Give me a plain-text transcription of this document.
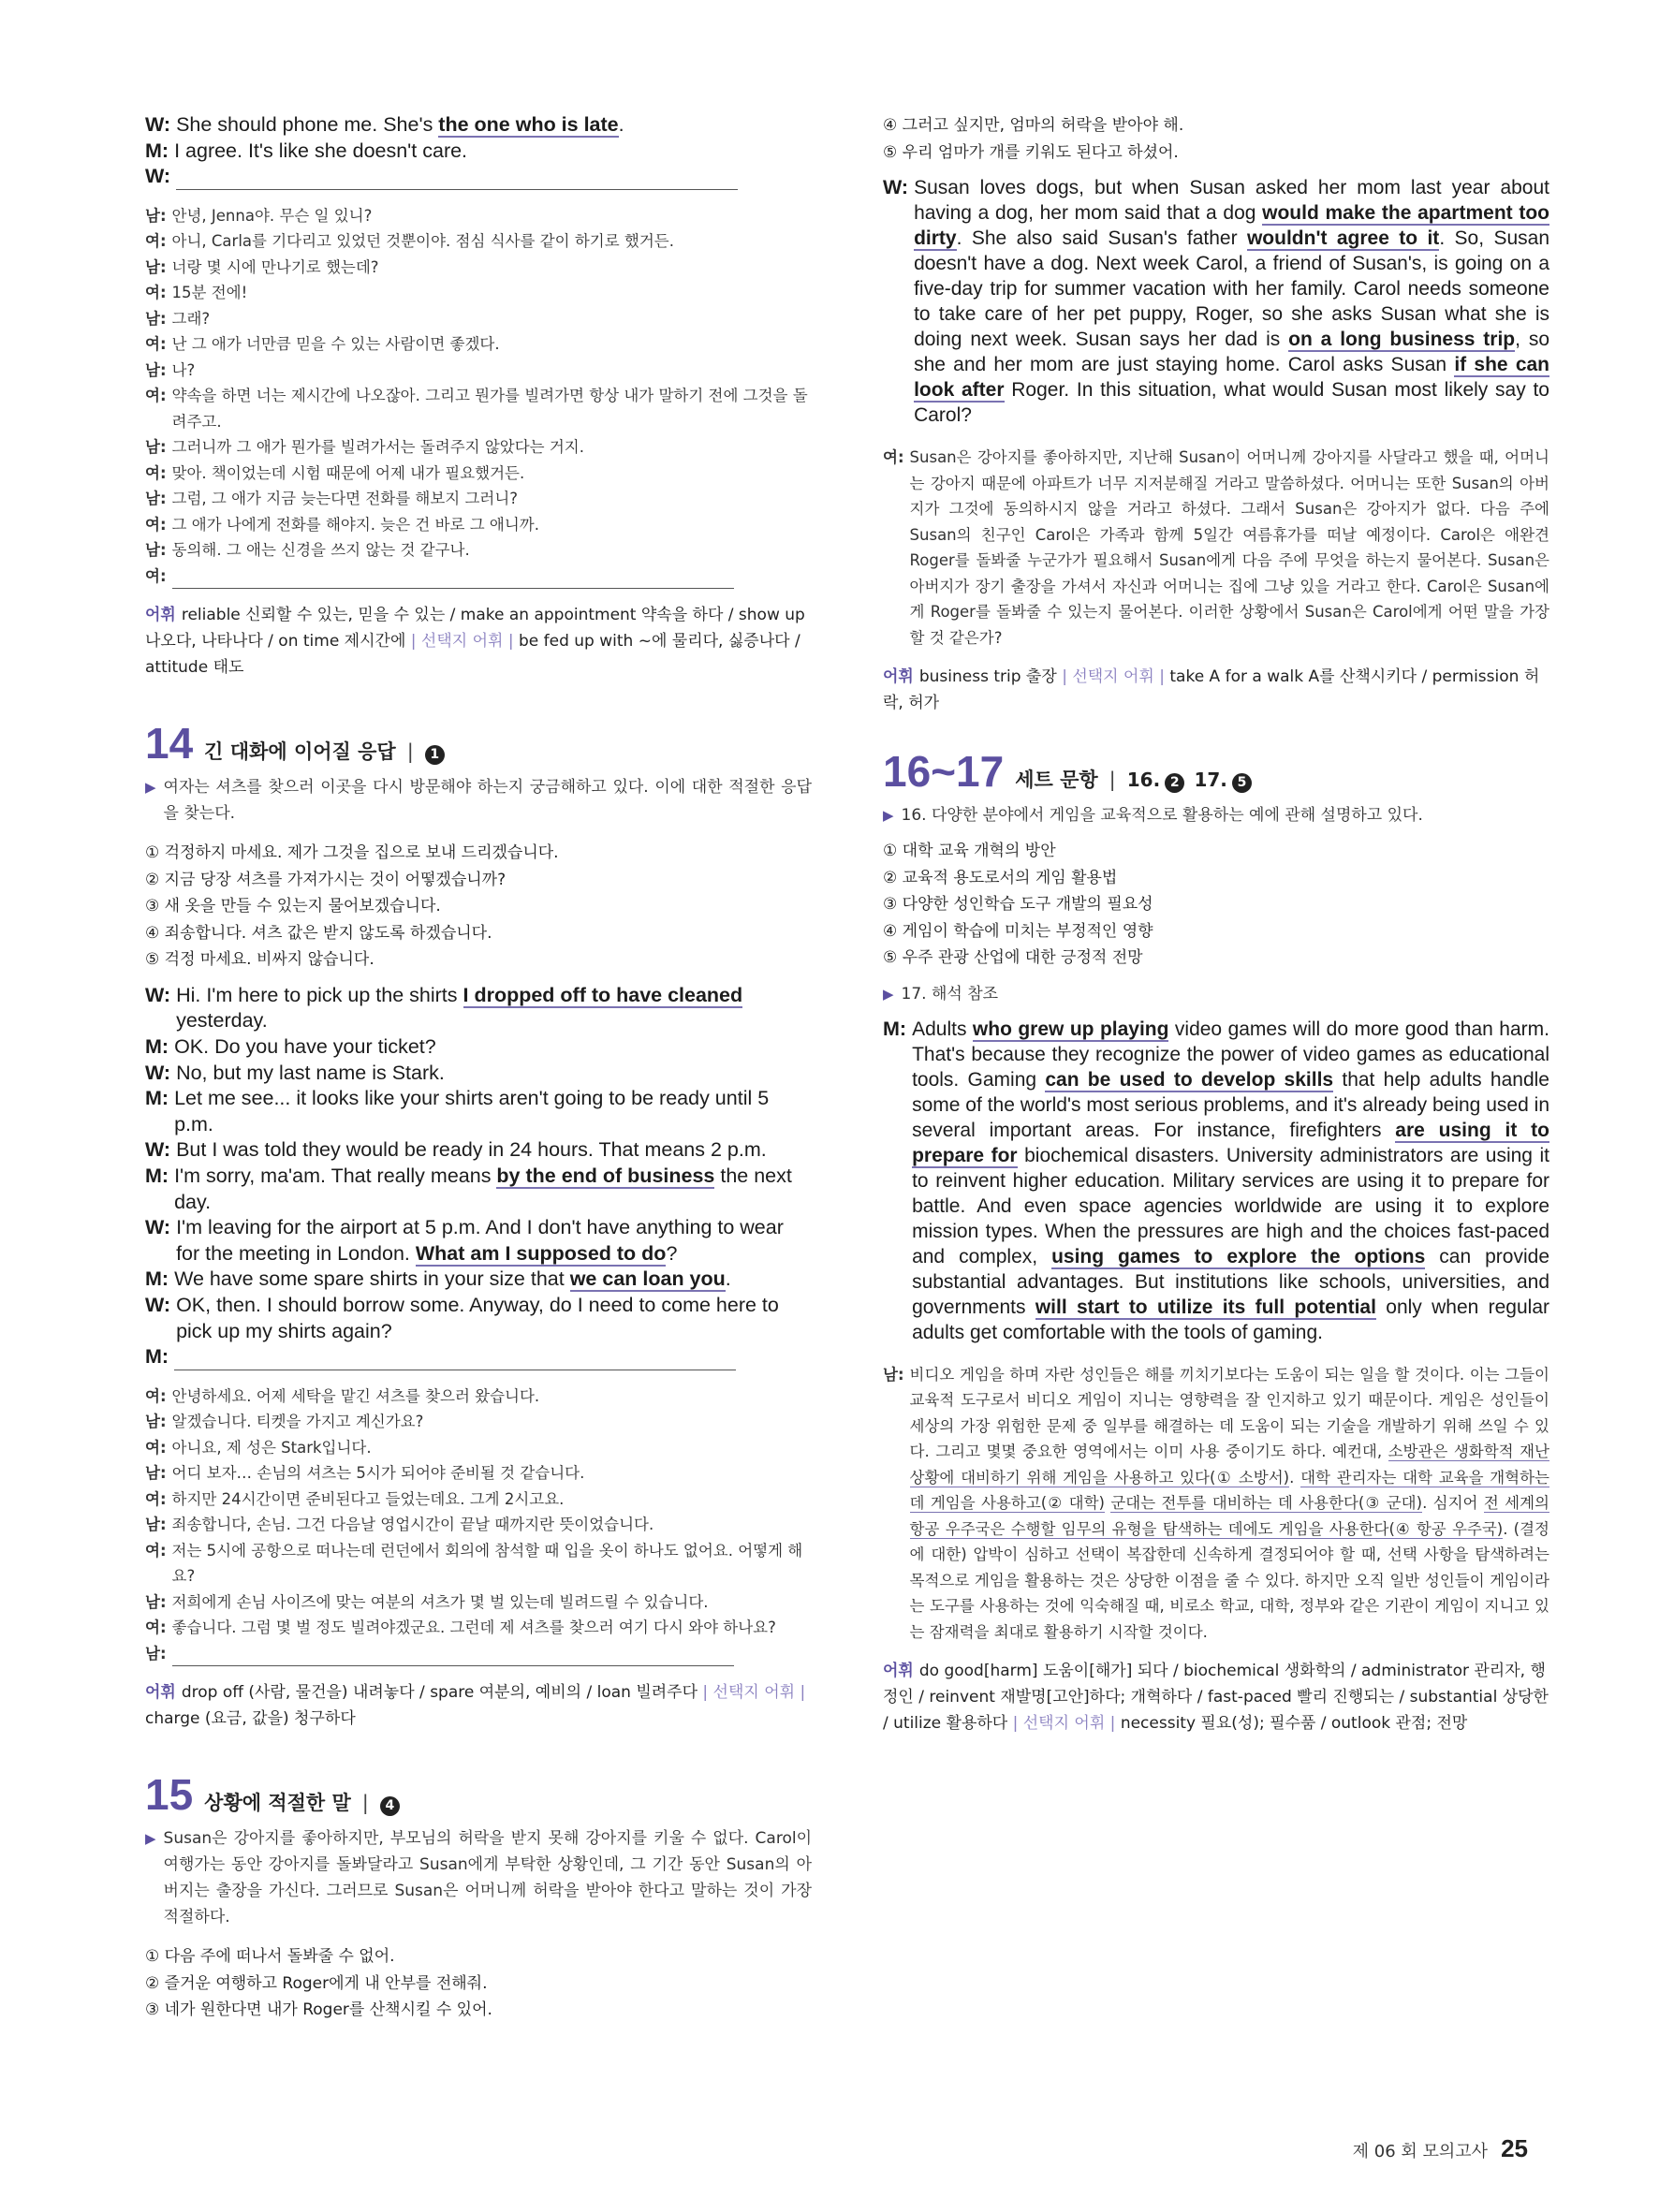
W: She should phone me. She's the one who is late.
M: I agree. It's like she doesn't care.
W:
남: 안녕, Jenna야. 무슨 일 있니?
여: 아니, Carla를 기다리고 있었던 것뿐이야. 점심 식사를 같이 하기로 했거든.
남: 너랑 몇 시에 만나기로 했는데?
여: 15분 전에!
남: 그래?
여: 난 그 애가 너만큼 믿을 수 있는 사람이면 좋겠다.
남: 나?
여: 약속을 하면 너는 제시간에 나오잖아. 그리고 뭔가를 빌려가면 항상 내가 말하기 전에 그것을 돌려주고.
남: 그러니까 그 애가 뭔가를 빌려가서는 돌려주지 않았다는 거지.
여: 맞아. 책이었는데 시험 때문에 어제 내가 필요했거든.
남: 그럼, 그 애가 지금 늦는다면 전화를 해보지 그러니?
여: 그 애가 나에게 전화를 해야지. 늦은 건 바로 그 애니까.
남: 동의해. 그 애는 신경을 쓰지 않는 것 같구나.
여:

어휘 reliable 신뢰할 수 있는, 믿을 수 있는 / make an appointment 약속을 하다 / show up 나오다, 나타나다 / on time 제시간에 | 선택지 어휘 | be fed up with ~에 물리다, 싫증나다 / attitude 태도

14 긴 대화에 이어질 응답 |	1

▶ 여자는 셔츠를 찾으러 이곳을 다시 방문해야 하는지 궁금해하고 있다. 이에 대한 적절한 응답을 찾는다.

① 걱정하지 마세요. 제가 그것을 집으로 보내 드리겠습니다.
② 지금 당장 셔츠를 가져가시는 것이 어떻겠습니까?
③ 새 옷을 만들 수 있는지 물어보겠습니다.
④ 죄송합니다. 셔츠 값은 받지 않도록 하겠습니다.
⑤ 걱정 마세요. 비싸지 않습니다.
W: Hi. I'm here to pick up the shirts I dropped off to have cleaned yesterday.
M: OK. Do you have your ticket?
W: No, but my last name is Stark.
M: Let me see... it looks like your shirts aren't going to be ready until 5 p.m.
W: But I was told they would be ready in 24 hours. That means 2 p.m.
M: I'm sorry, ma'am. That really means by the end of business the next day.
W: I'm leaving for the airport at 5 p.m. And I don't have anything to wear for the meeting in London. What am I supposed to do?
M: We have some spare shirts in your size that we can loan you.
W: OK, then. I should borrow some. Anyway, do I need to come here to pick up my shirts again?
M:
여: 안녕하세요. 어제 세탁을 맡긴 셔츠를 찾으러 왔습니다.
남: 알겠습니다. 티켓을 가지고 계신가요?
여: 아니요, 제 성은 Stark입니다.
남: 어디 보자… 손님의 셔츠는 5시가 되어야 준비될 것 같습니다.
여: 하지만 24시간이면 준비된다고 들었는데요. 그게 2시고요.
남: 죄송합니다, 손님. 그건 다음날 영업시간이 끝날 때까지란 뜻이었습니다.
여: 저는 5시에 공항으로 떠나는데 런던에서 회의에 참석할 때 입을 옷이 하나도 없어요. 어떻게 해요?
남: 저희에게 손님 사이즈에 맞는 여분의 셔츠가 몇 벌 있는데 빌려드릴 수 있습니다.
여: 좋습니다. 그럼 몇 벌 정도 빌려야겠군요. 그런데 제 셔츠를 찾으러 여기 다시 와야 하나요?
남:

어휘 drop off (사람, 물건을) 내려놓다 / spare 여분의, 예비의 / loan 빌려주다 | 선택지 어휘 | charge (요금, 값을) 청구하다

15 상황에 적절한 말 |	4

▶ Susan은 강아지를 좋아하지만, 부모님의 허락을 받지 못해 강아지를 키울 수 없다. Carol이 여행가는 동안 강아지를 돌봐달라고 Susan에게 부탁한 상황인데, 그 기간 동안 Susan의 아버지는 출장을 가신다. 그러므로 Susan은 어머니께 허락을 받아야 한다고 말하는 것이 가장 적절하다.

① 다음 주에 떠나서 돌봐줄 수 없어.
② 즐거운 여행하고 Roger에게 내 안부를 전해줘.
③ 네가 원한다면 내가 Roger를 산책시킬 수 있어.
④ 그러고 싶지만, 엄마의 허락을 받아야 해.
⑤ 우리 엄마가 개를 키워도 된다고 하셨어.
W: Susan loves dogs, but when Susan asked her mom last year about having a dog, her mom said that a dog would make the apartment too dirty. She also said Susan's father wouldn't agree to it. So, Susan doesn't have a dog. Next week Carol, a friend of Susan's, is going on a five-day trip for summer vacation with her family. Carol needs someone to take care of her pet puppy, Roger, so she asks Susan what she is doing next week. Susan says her dad is on a long business trip, so she and her mom are just staying home. Carol asks Susan if she can look after Roger. In this situation, what would Susan most likely say to Carol?
여: Susan은 강아지를 좋아하지만, 지난해 Susan이 어머니께 강아지를 사달라고 했을 때, 어머니는 강아지 때문에 아파트가 너무 지저분해질 거라고 말씀하셨다. 어머니는 또한 Susan의 아버지가 그것에 동의하시지 않을 거라고 하셨다. 그래서 Susan은 강아지가 없다. 다음 주에 Susan의 친구인 Carol은 가족과 함께 5일간 여름휴가를 떠날 예정이다. Carol은 애완견 Roger를 돌봐줄 누군가가 필요해서 Susan에게 다음 주에 무엇을 하는지 물어본다. Susan은 아버지가 장기 출장을 가셔서 자신과 어머니는 집에 그냥 있을 거라고 한다. Carol은 Susan에게 Roger를 돌봐줄 수 있는지 물어본다. 이러한 상황에서 Susan은 Carol에게 어떤 말을 가장 할 것 같은가?

어휘 business trip 출장 | 선택지 어휘 | take A for a walk A를 산책시키다 / permission 허락, 허가

16~17 세트 문항 | 16.
2
17.
5

▶ 16. 다양한 분야에서 게임을 교육적으로 활용하는 예에 관해 설명하고 있다.

① 대학 교육 개혁의 방안
② 교육적 용도로서의 게임 활용법
③ 다양한 성인학습 도구 개발의 필요성
④ 게임이 학습에 미치는 부정적인 영향
⑤ 우주 관광 산업에 대한 긍정적 전망

▶ 17. 해석 참조

M: Adults who grew up playing video games will do more good than harm. That's because they recognize the power of video games as educational tools. Gaming can be used to develop skills that help adults handle some of the world's most serious problems, and it's already being used in several important areas. For instance, firefighters are using it to prepare for biochemical disasters. University administrators are using it to reinvent higher education. Military services are using it to prepare for battle. And even space agencies worldwide are using it to explore mission types. When the pressures are high and the choices fast-paced and complex, using games to explore the options can provide substantial advantages. But institutions like schools, universities, and governments will start to utilize its full potential only when regular adults get comfortable with the tools of gaming.
남: 비디오 게임을 하며 자란 성인들은 해를 끼치기보다는 도움이 되는 일을 할 것이다. 이는 그들이 교육적 도구로서 비디오 게임이 지니는 영향력을 잘 인지하고 있기 때문이다. 게임은 성인들이 세상의 가장 위험한 문제 중 일부를 해결하는 데 도움이 되는 기술을 개발하기 위해 쓰일 수 있다. 그리고 몇몇 중요한 영역에서는 이미 사용 중이기도 하다. 예컨대, 소방관은 생화학적 재난 상황에 대비하기 위해 게임을 사용하고 있다(① 소방서). 대학 관리자는 대학 교육을 개혁하는 데 게임을 사용하고(② 대학) 군대는 전투를 대비하는 데 사용한다(③ 군대). 심지어 전 세계의 항공 우주국은 수행할 임무의 유형을 탐색하는 데에도 게임을 사용한다(④ 항공 우주국). (결정에 대한) 압박이 심하고 선택이 복잡한데 신속하게 결정되어야 할 때, 선택 사항을 탐색하려는 목적으로 게임을 활용하는 것은 상당한 이점을 줄 수 있다. 하지만 오직 일반 성인들이 게임이라는 도구를 사용하는 것에 익숙해질 때, 비로소 학교, 대학, 정부와 같은 기관이 게임이 지니고 있는 잠재력을 최대로 활용하기 시작할 것이다.

어휘 do good[harm] 도움이[해가] 되다 / biochemical 생화학의 / administrator 관리자, 행정인 / reinvent 재발명[고안]하다; 개혁하다 / fast-paced 빨리 진행되는 / substantial 상당한 / utilize 활용하다 | 선택지 어휘 | necessity 필요(성); 필수품 / outlook 관점; 전망

제 06 회 모의고사 25
